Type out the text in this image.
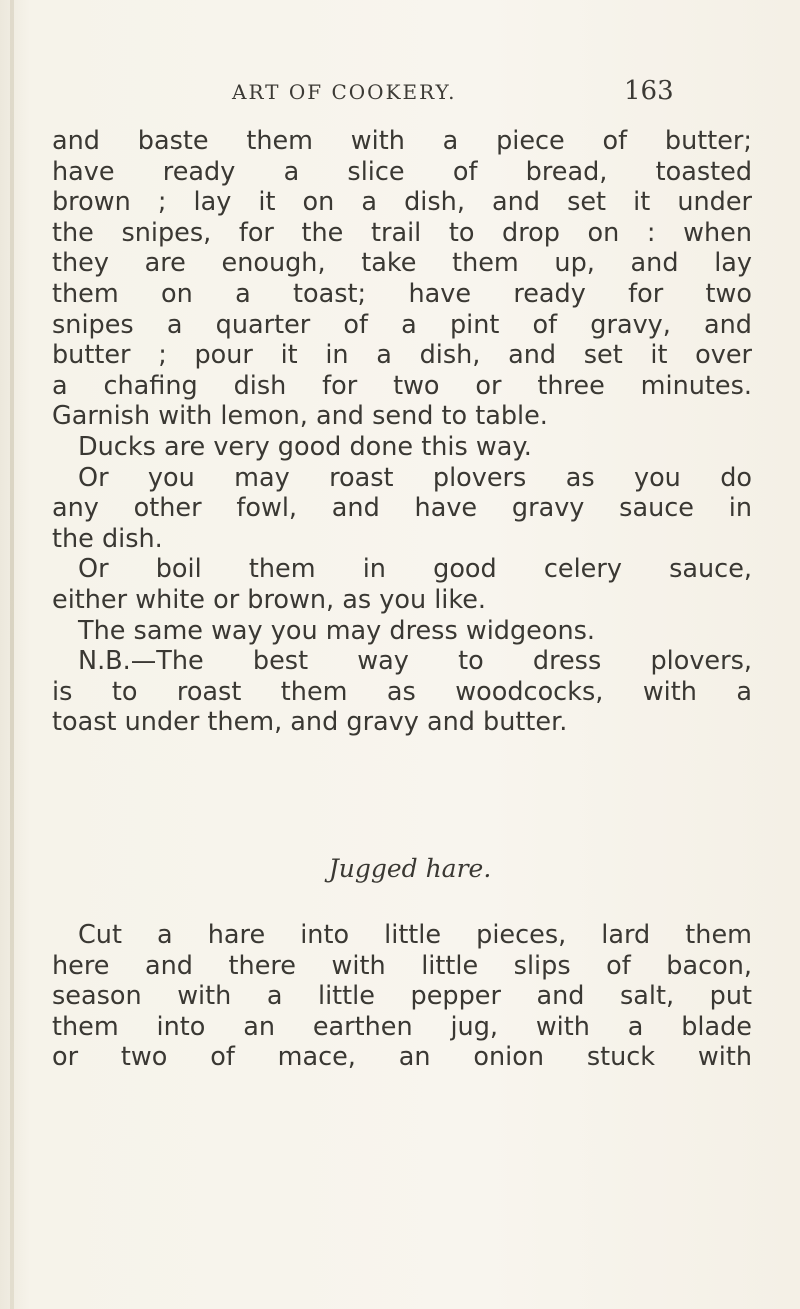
ART OF COOKERY.	163
and baste them with a piece of butter;
have ready a slice of bread, toasted
brown ; lay it on a dish, and set it under
the snipes, for the trail to drop on : when
they are enough, take them up, and lay
them on a toast; have ready for two
snipes a quarter of a pint of gravy, and
butter ; pour it in a dish, and set it over
a chafing dish for two or three minutes.
Garnish with lemon, and send to table.
Ducks are very good done this way.
Or you may roast plovers as you do
any other fowl, and have gravy sauce in
the dish.
Or boil them in good celery sauce,
either white or brown, as you like.
The same way you may dress widgeons.
N.B.—The best way to dress plovers,
is to roast them as woodcocks, with a
toast under them, and gravy and butter.
Jugged hare.
Cut a hare into little pieces, lard them
here and there with little slips of bacon,
season with a little pepper and salt, put
them into an earthen jug, with a blade
or two of mace, an onion stuck with
